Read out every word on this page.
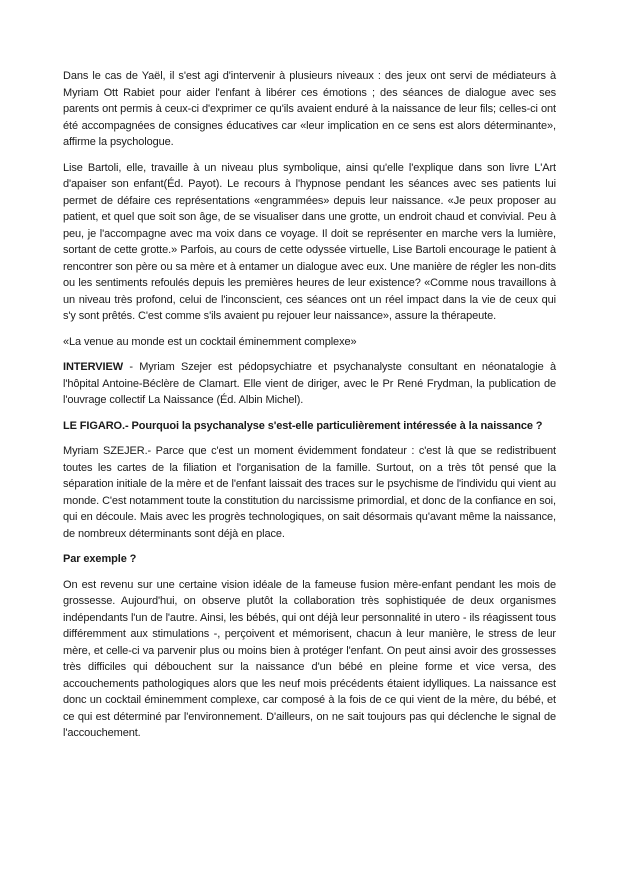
Dans le cas de Yaël, il s'est agi d'intervenir à plusieurs niveaux : des jeux ont servi de médiateurs à Myriam Ott Rabiet pour aider l'enfant à libérer ces émotions ; des séances de dialogue avec ses parents ont permis à ceux-ci d'exprimer ce qu'ils avaient enduré à la naissance de leur fils; celles-ci ont été accompagnées de consignes éducatives car «leur implication en ce sens est alors déterminante», affirme la psychologue.

Lise Bartoli, elle, travaille à un niveau plus symbolique, ainsi qu'elle l'explique dans son livre L'Art d'apaiser son enfant(Éd. Payot). Le recours à l'hypnose pendant les séances avec ses patients lui permet de défaire ces représentations «engrammées» depuis leur naissance. «Je peux proposer au patient, et quel que soit son âge, de se visualiser dans une grotte, un endroit chaud et convivial. Peu à peu, je l'accompagne avec ma voix dans ce voyage. Il doit se représenter en marche vers la lumière, sortant de cette grotte.» Parfois, au cours de cette odyssée virtuelle, Lise Bartoli encourage le patient à rencontrer son père ou sa mère et à entamer un dialogue avec eux. Une manière de régler les non-dits ou les sentiments refoulés depuis les premières heures de leur existence? «Comme nous travaillons à un niveau très profond, celui de l'inconscient, ces séances ont un réel impact dans la vie de ceux qui s'y sont prêtés. C'est comme s'ils avaient pu rejouer leur naissance», assure la thérapeute.

«La venue au monde est un cocktail éminemment complexe»

INTERVIEW - Myriam Szejer est pédopsychiatre et psychanalyste consultant en néonatalogie à l'hôpital Antoine-Béclère de Clamart. Elle vient de diriger, avec le Pr René Frydman, la publication de l'ouvrage collectif La Naissance (Éd. Albin Michel).

LE FIGARO.- Pourquoi la psychanalyse s'est-elle particulièrement intéressée à la naissance ?

Myriam SZEJER.- Parce que c'est un moment évidemment fondateur : c'est là que se redistribuent toutes les cartes de la filiation et l'organisation de la famille. Surtout, on a très tôt pensé que la séparation initiale de la mère et de l'enfant laissait des traces sur le psychisme de l'individu qui vient au monde. C'est notamment toute la constitution du narcissisme primordial, et donc de la confiance en soi, qui en découle. Mais avec les progrès technologiques, on sait désormais qu'avant même la naissance, de nombreux déterminants sont déjà en place.

Par exemple ?

On est revenu sur une certaine vision idéale de la fameuse fusion mère-enfant pendant les mois de grossesse. Aujourd'hui, on observe plutôt la collaboration très sophistiquée de deux organismes indépendants l'un de l'autre. Ainsi, les bébés, qui ont déjà leur personnalité in utero - ils réagissent tous différemment aux stimulations -, perçoivent et mémorisent, chacun à leur manière, le stress de leur mère, et celle-ci va parvenir plus ou moins bien à protéger l'enfant. On peut ainsi avoir des grossesses très difficiles qui débouchent sur la naissance d'un bébé en pleine forme et vice versa, des accouchements pathologiques alors que les neuf mois précédents étaient idylliques. La naissance est donc un cocktail éminemment complexe, car composé à la fois de ce qui vient de la mère, du bébé, et ce qui est déterminé par l'environnement. D'ailleurs, on ne sait toujours pas qui déclenche le signal de l'accouchement.
